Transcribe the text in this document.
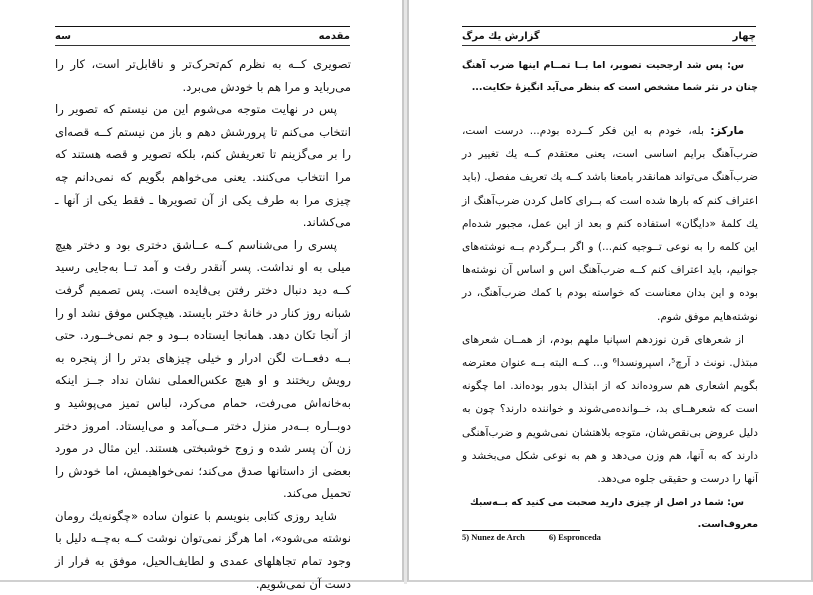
مقدمه
سه

تصویری کــه به نظرم کم‌تحرک‌تر و ناقابل‌تر است، کار را می‌رباید و مرا هم با خودش می‌برد.

پس در نهایت متوجه می‌شوم این من نیستم که تصویر را انتخاب می‌کنم تا پرورشش دهم و باز من نیستم کــه قصه‌ای را بر می‌گزینم تا تعریفش کنم، بلکه تصویر و قصه هستند که مرا انتخاب می‌کنند. یعنی می‌خواهم بگویم که نمی‌دانم چه چیزی مرا به طرف یکی از آن تصویرها ـ فقط یکی از آنها ـ می‌کشاند.

پسری را می‌شناسم کــه عــاشق دختری بود و دختر هیچ میلی به او نداشت. پسر آنقدر رفت و آمد تــا به‌جایی رسید کــه دید دنبال دختر رفتن بی‌فایده است. پس تصمیم گرفت شبانه روز کنار در خانهٔ دختر بایستد. هیچکس موفق نشد او را از آنجا تکان دهد. همانجا ایستاده بــود و جم نمی‌خــورد. حتی بــه دفعــات لگن ادرار و خیلی چیزهای بدتر را از پنجره به رویش ریختند و او هیچ عکس‌العملی نشان نداد جــز اینکه به‌خانه‌اش می‌رفت، حمام می‌کرد، لباس تمیز می‌پوشید و دوبــاره بــه‌در منزل دختر مــی‌آمد و می‌ایستاد. امروز دختر زن آن پسر شده و زوج خوشبختی هستند. این مثال در مورد بعضی از داستانها صدق می‌کند؛ نمی‌خواهیمش، اما خودش را تحمیل می‌کند.

شاید روزی کتابی بنویسم با عنوان ساده «چگونه‌یك رومان نوشته می‌شود»، اما هرگز نمی‌توان نوشت کــه به‌چــه دلیل با وجود تمام تجاهلهای عمدی و لطایف‌الحیل، موفق به فرار از دست آن نمی‌شویم.

چهار
گزارش یك مرگ

س: پس شد ارجحیت تصویر، اما بــا تمــام اینها ضرب آهنگ چنان در نثر شما مشخص است که بنظر می‌آید انگیزهٔ حکایت...

مارکز: بله، خودم به این فکر کــرده بودم... درست است، ضرب‌آهنگ برایم اساسی است، یعنی معتقدم کــه یك تغییر در ضرب‌آهنگ می‌تواند همانقدر بامعنا باشد کــه یك تعریف مفصل. (باید اعتراف کنم که بارها شده است که بــرای کامل کردن ضرب‌آهنگ از یك کلمهٔ «دایگان» استفاده کنم و بعد از این عمل، مجبور شده‌ام این کلمه را به نوعی تــوجیه کنم...) و اگر بــرگردم بــه نوشته‌های جوانیم، باید اعتراف کنم کــه ضرب‌آهنگ اس و اساس آن نوشته‌ها بوده و این بدان معناست که خواسته بودم با کمك ضرب‌آهنگ، در نوشته‌هایم موفق شوم.

از شعرهای قرن نوزدهم اسپانیا ملهم بودم، از همــان شعرهای مبتذل. نونث د آرچ⁵، اسپرونسدا⁶ و... کــه البته بــه عنوان معترضه بگویم اشعاری هم سروده‌اند که از ابتذال بدور بوده‌اند. اما چگونه است که شعرهــای بد، خــوانده‌می‌شوند و خواننده دارند؟ چون به دلیل عروض بی‌نقص‌شان، متوجه بلاهتشان نمی‌شویم و ضرب‌آهنگی دارند که به آنها، هم وزن می‌دهد و هم به نوعی شکل می‌بخشد و آنها را درست و حقیقی جلوه می‌دهد.

س: شما در اصل از چیزی دارید صحبت می کنید که بــه‌سبك معروف‌است.

5) Nunez de Arch	6) Espronceda
